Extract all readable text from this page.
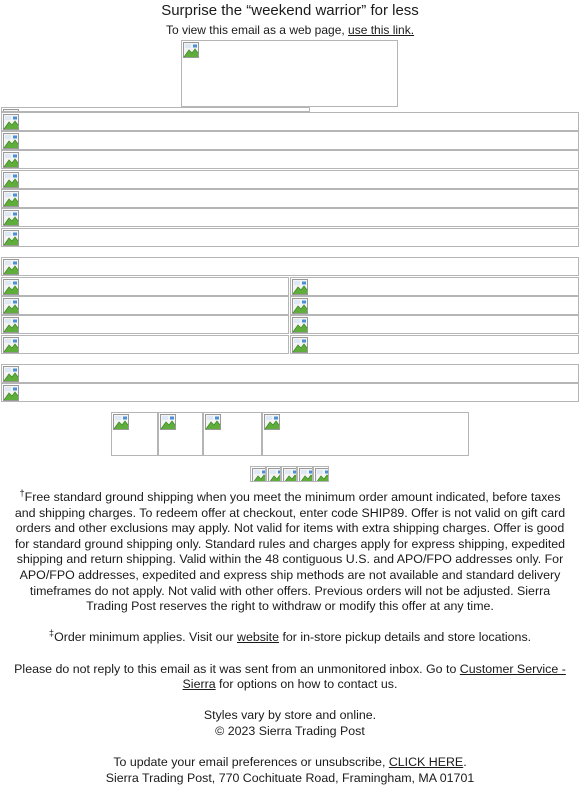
Surprise the “weekend warrior” for less
To view this email as a web page, use this link.

†Free standard ground shipping when you meet the minimum order amount indicated, before taxes and shipping charges. To redeem offer at checkout, enter code SHIP89. Offer is not valid on gift card orders and other exclusions may apply. Not valid for items with extra shipping charges. Offer is good for standard ground shipping only. Standard rules and charges apply for express shipping, expedited shipping and return shipping. Valid within the 48 contiguous U.S. and APO/FPO addresses only. For APO/FPO addresses, expedited and express ship methods are not available and standard delivery timeframes do not apply. Not valid with other offers. Previous orders will not be adjusted. Sierra Trading Post reserves the right to withdraw or modify this offer at any time.

‡Order minimum applies. Visit our website for in-store pickup details and store locations.

Please do not reply to this email as it was sent from an unmonitored inbox. Go to Customer Service - Sierra for options on how to contact us.

Styles vary by store and online.
© 2023 Sierra Trading Post

To update your email preferences or unsubscribe, CLICK HERE.
Sierra Trading Post, 770 Cochituate Road, Framingham, MA 01701
